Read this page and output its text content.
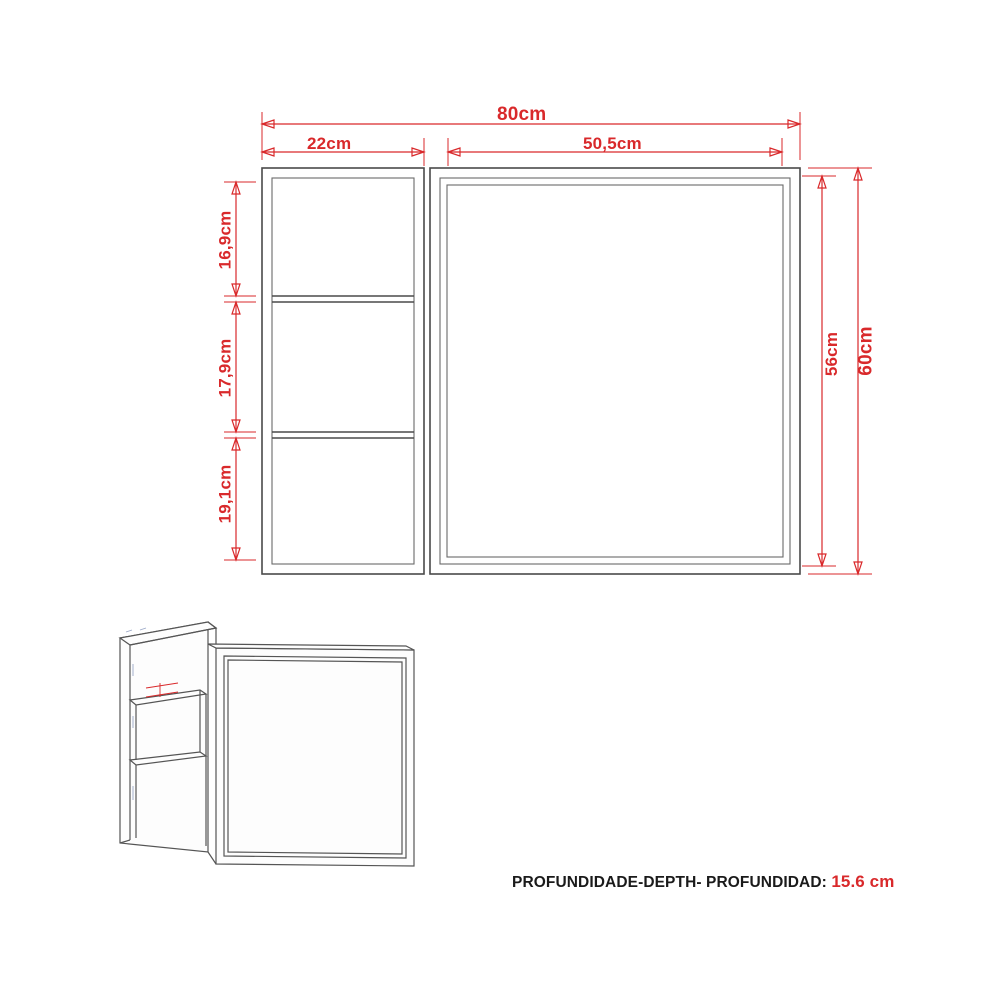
80cm
22cm	50,5cm
60cm
56cm
16,9cm
17,9cm
19,1cm
PROFUNDIDADE-DEPTH- PROFUNDIDAD: 15.6 cm
